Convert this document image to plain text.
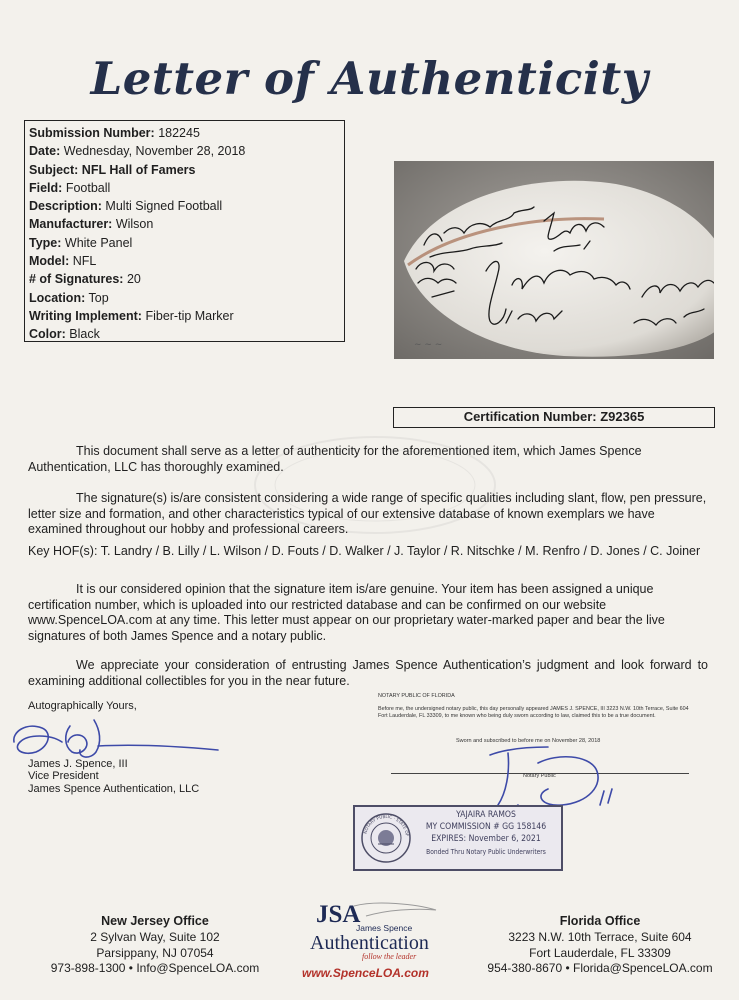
Letter of Authenticity
Submission Number: 182245
Date: Wednesday, November 28, 2018
Subject: NFL Hall of Famers
Field: Football
Description: Multi Signed Football
Manufacturer: Wilson
Type: White Panel
Model: NFL
# of Signatures: 20
Location: Top
Writing Implement: Fiber-tip Marker
Color: Black
~ ~ ~
Certification Number: Z92365
This document shall serve as a letter of authenticity for the aforementioned item, which James Spence Authentication, LLC has thoroughly examined.
The signature(s) is/are consistent considering a wide range of specific qualities including slant, flow, pen pressure, letter size and formation, and other characteristics typical of our extensive database of known exemplars we have examined throughout our hobby and professional careers.
Key HOF(s): T. Landry / B. Lilly / L. Wilson / D. Fouts / D. Walker / J. Taylor / R. Nitschke / M. Renfro / D. Jones / C. Joiner
It is our considered opinion that the signature item is/are genuine. Your item has been assigned a unique certification number, which is uploaded into our restricted database and can be confirmed on our website www.SpenceLOA.com at any time. This letter must appear on our proprietary water-marked paper and bear the live signatures of both James Spence and a notary public.
We appreciate your consideration of entrusting James Spence Authentication’s judgment and look forward to examining additional collectibles for you in the near future.
Autographically Yours,
James J. Spence, III
Vice President
James Spence Authentication, LLC
NOTARY PUBLIC OF FLORIDA
Before me, the undersigned notary public, this day personally appeared JAMES J. SPENCE, III 3223 N.W. 10th Terrace, Suite 604 Fort Lauderdale, FL 33309, to me known who being duly sworn according to law, claimed this to be a true document.
Sworn and subscribed to before me on November 28, 2018
Notary Public
NOTARY PUBLIC · STATE OF
YAJAIRA RAMOS
MY COMMISSION # GG 158146
EXPIRES: November 6, 2021
Bonded Thru Notary Public Underwriters
New Jersey Office
2 Sylvan Way, Suite 102
Parsippany, NJ 07054
973-898-1300 • Info@SpenceLOA.com
JSA
James Spence
Authentication
follow the leader
www.SpenceLOA.com
Florida Office
3223 N.W. 10th Terrace, Suite 604
Fort Lauderdale, FL 33309
954-380-8670 • Florida@SpenceLOA.com
